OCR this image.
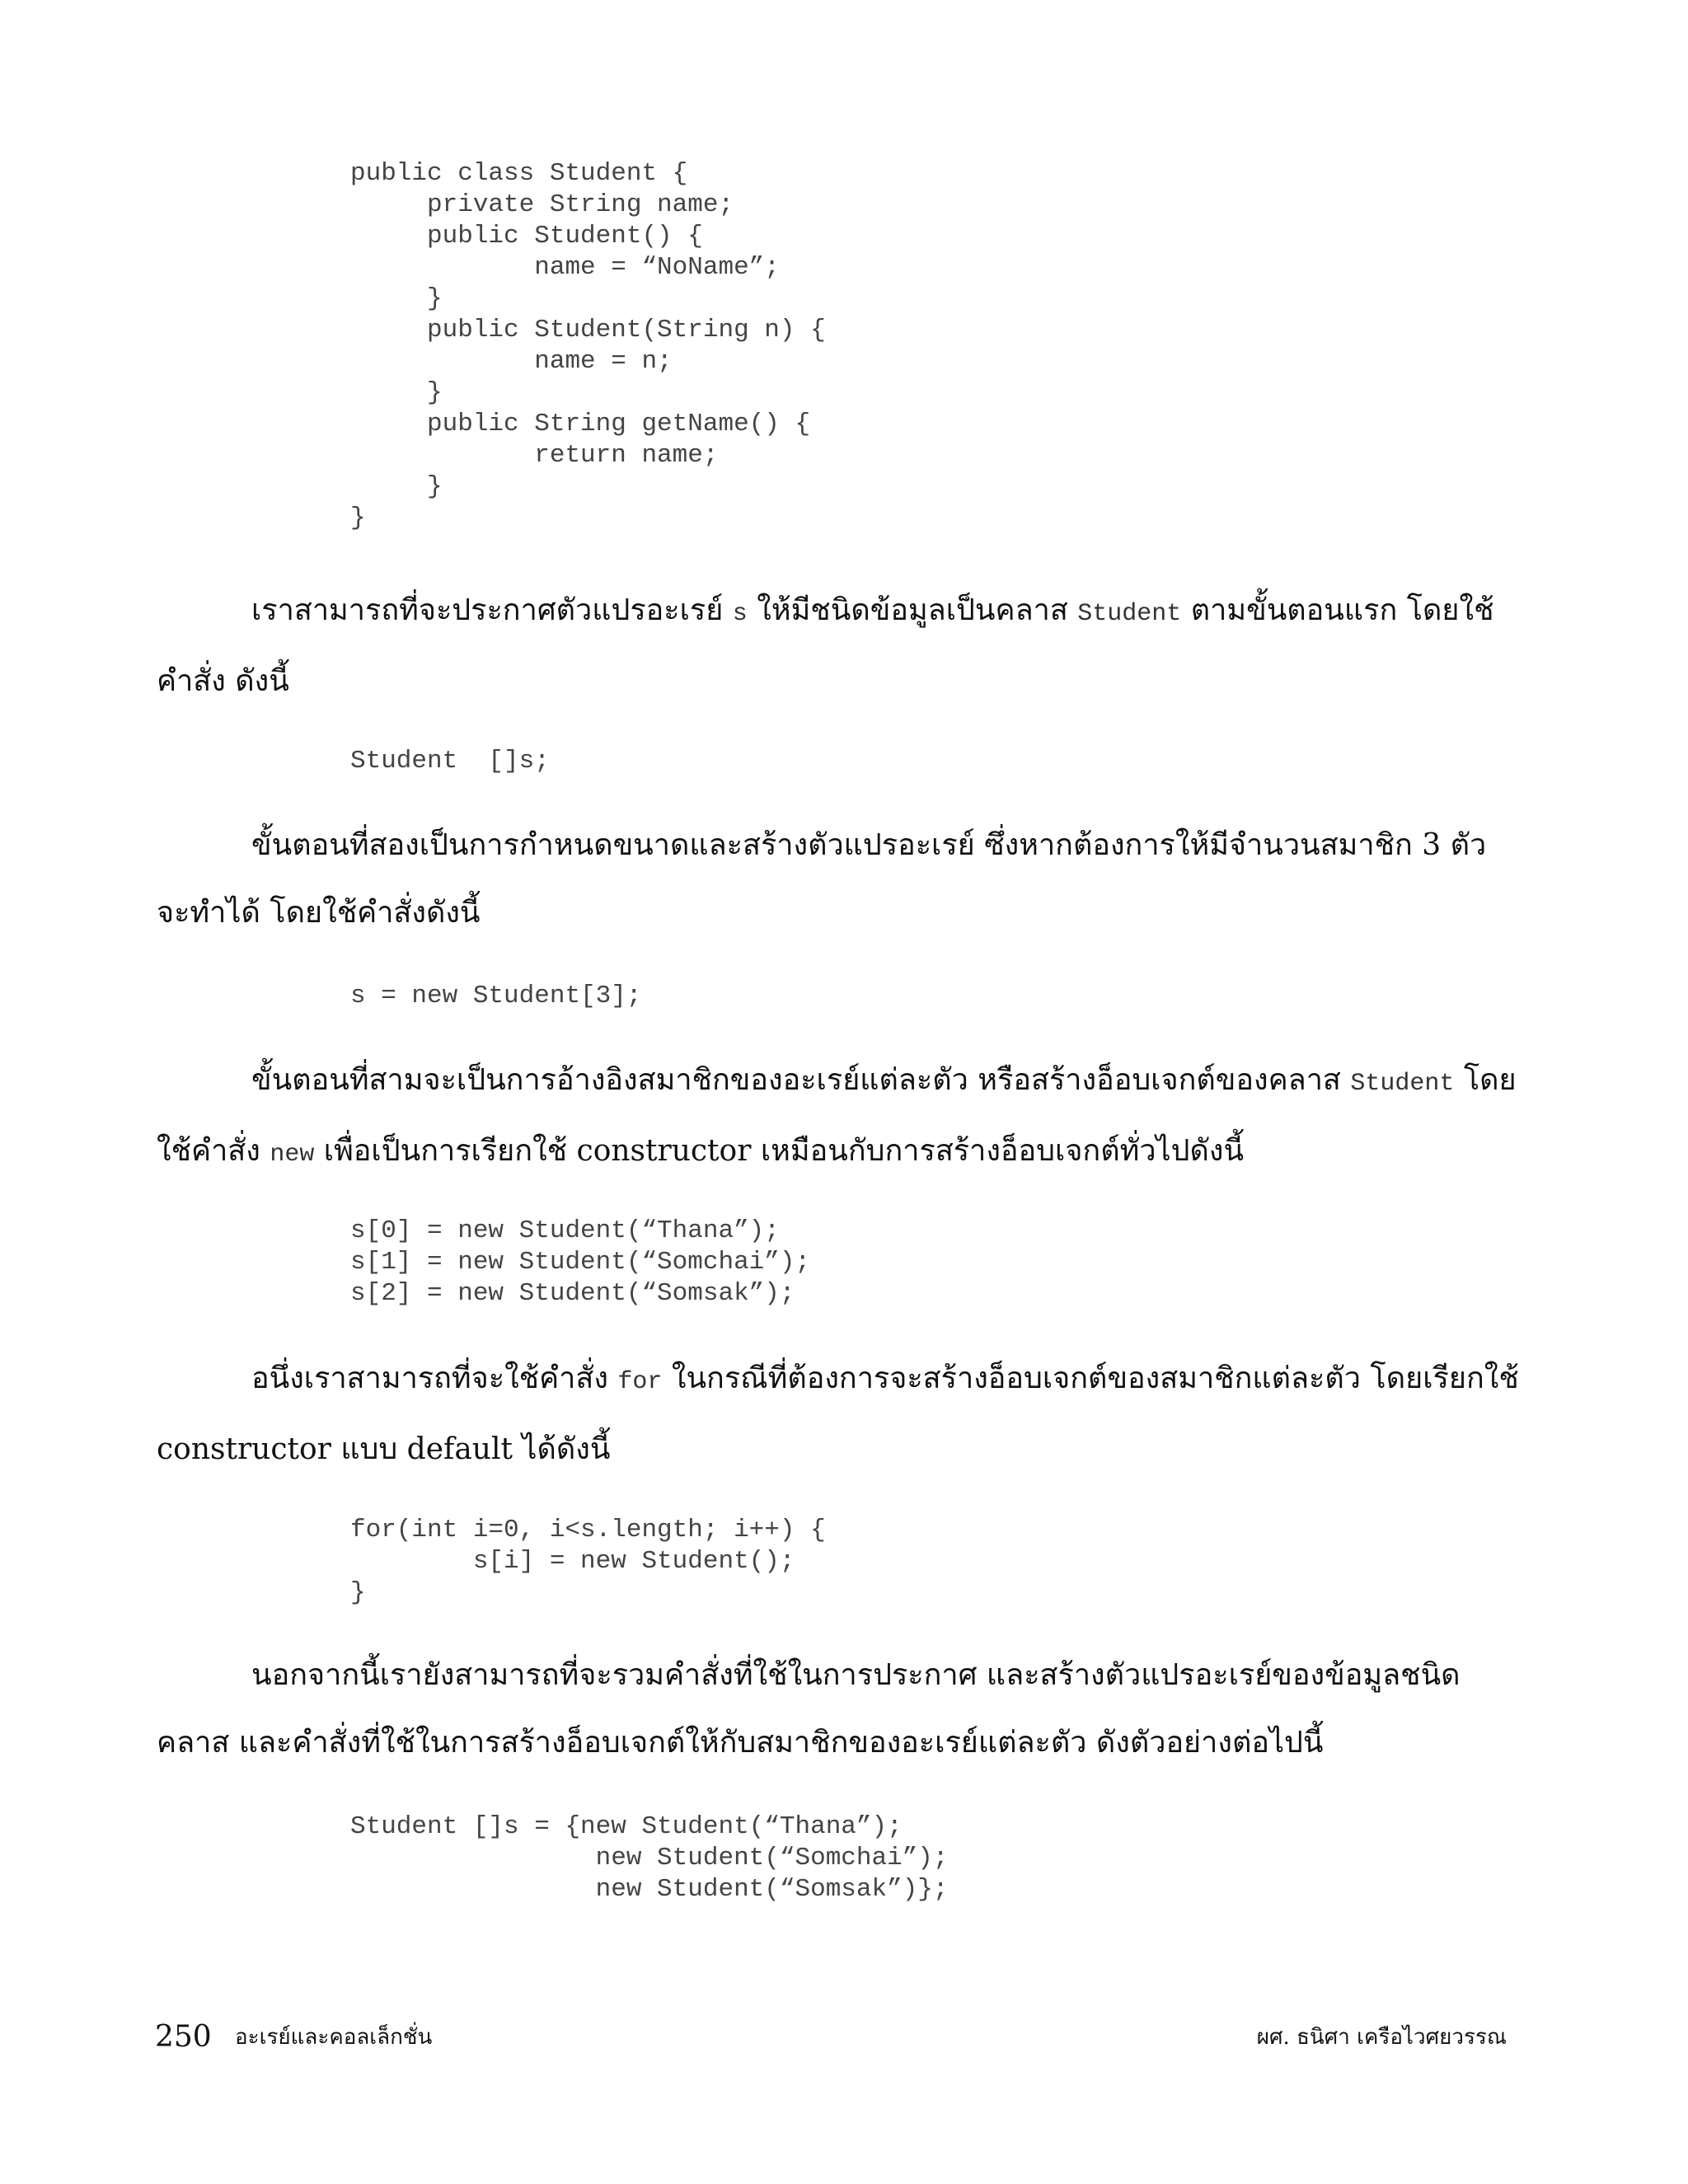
public class Student {
private String name;
public Student() {
name = “NoName”;
}
public Student(String n) {
name = n;
}
public String getName() {
return name;
}
}

เราสามารถที่จะประกาศตัวแปรอะเรย์ s ให้มีชนิดข้อมูลเป็นคลาส Student ตามขั้นตอนแรก โดยใช้คำสั่ง ดังนี้

Student  []s;

ขั้นตอนที่สองเป็นการกำหนดขนาดและสร้างตัวแปรอะเรย์ ซึ่งหากต้องการให้มีจำนวนสมาชิก 3 ตัว จะทำได้ โดยใช้คำสั่งดังนี้

s = new Student[3];

ขั้นตอนที่สามจะเป็นการอ้างอิงสมาชิกของอะเรย์แต่ละตัว หรือสร้างอ็อบเจกต์ของคลาส Student โดยใช้คำสั่ง new เพื่อเป็นการเรียกใช้ constructor เหมือนกับการสร้างอ็อบเจกต์ทั่วไปดังนี้

s[0] = new Student(“Thana”);
s[1] = new Student(“Somchai”);
s[2] = new Student(“Somsak”);

อนึ่งเราสามารถที่จะใช้คำสั่ง for ในกรณีที่ต้องการจะสร้างอ็อบเจกต์ของสมาชิกแต่ละตัว โดยเรียกใช้ constructor แบบ default ได้ดังนี้

for(int i=0, i<s.length; i++) {
s[i] = new Student();
}

นอกจากนี้เรายังสามารถที่จะรวมคำสั่งที่ใช้ในการประกาศ และสร้างตัวแปรอะเรย์ของข้อมูลชนิดคลาส และคำสั่งที่ใช้ในการสร้างอ็อบเจกต์ให้กับสมาชิกของอะเรย์แต่ละตัว ดังตัวอย่างต่อไปนี้

Student []s = {new Student(“Thana”);
new Student(“Somchai”);
new Student(“Somsak”)};
250 อะเรย์และคอลเล็กชั่น	ผศ. ธนิศา เครือไวศยวรรณ
